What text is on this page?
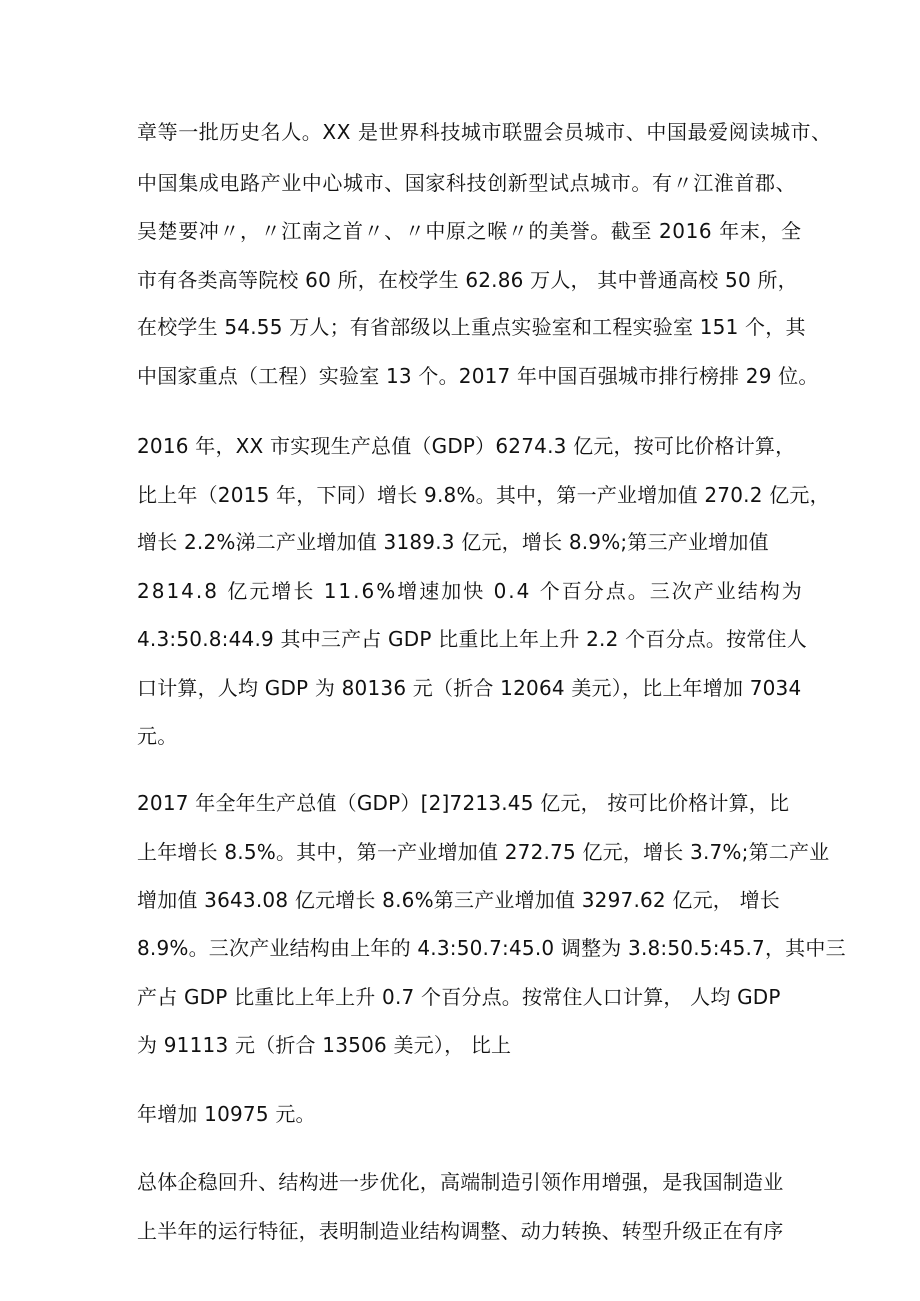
章等一批历史名人。XX 是世界科技城市联盟会员城市、中国最爱阅读城市、
中国集成电路产业中心城市、国家科技创新型试点城市。有〃江淮首郡、
吴楚要冲〃，〃江南之首〃、〃中原之喉〃的美誉。截至 2016 年末，全
市有各类高等院校 60 所，在校学生 62.86 万人， 其中普通高校 50 所，
在校学生 54.55 万人；有省部级以上重点实验室和工程实验室 151 个，其
中国家重点（工程）实验室 13 个。2017 年中国百强城市排行榜排 29 位。
2016 年，XX 市实现生产总值（GDP）6274.3 亿元，按可比价格计算，
比上年（2015 年，下同）增长 9.8%。其中，第一产业增加值 270.2 亿元，
增长 2.2%涕二产业增加值 3189.3 亿元，增长 8.9%;第三产业增加值
2814.8 亿元增长 11.6%增速加快 0.4 个百分点。三次产业结构为
4.3:50.8:44.9 其中三产占 GDP 比重比上年上升 2.2 个百分点。按常住人
口计算，人均 GDP 为 80136 元（折合 12064 美元），比上年增加 7034
元。
2017 年全年生产总值（GDP）[2]7213.45 亿元， 按可比价格计算，比
上年增长 8.5%。其中，第一产业增加值 272.75 亿元，增长 3.7%;第二产业
增加值 3643.08 亿元增长 8.6%第三产业增加值 3297.62 亿元， 增长
8.9%。三次产业结构由上年的 4.3:50.7:45.0 调整为 3.8:50.5:45.7，其中三
产占 GDP 比重比上年上升 0.7 个百分点。按常住人口计算， 人均 GDP
为 91113 元（折合 13506 美元）， 比上
年增加 10975 元。
总体企稳回升、结构进一步优化，高端制造引领作用增强，是我国制造业
上半年的运行特征，表明制造业结构调整、动力转换、转型升级正在有序
